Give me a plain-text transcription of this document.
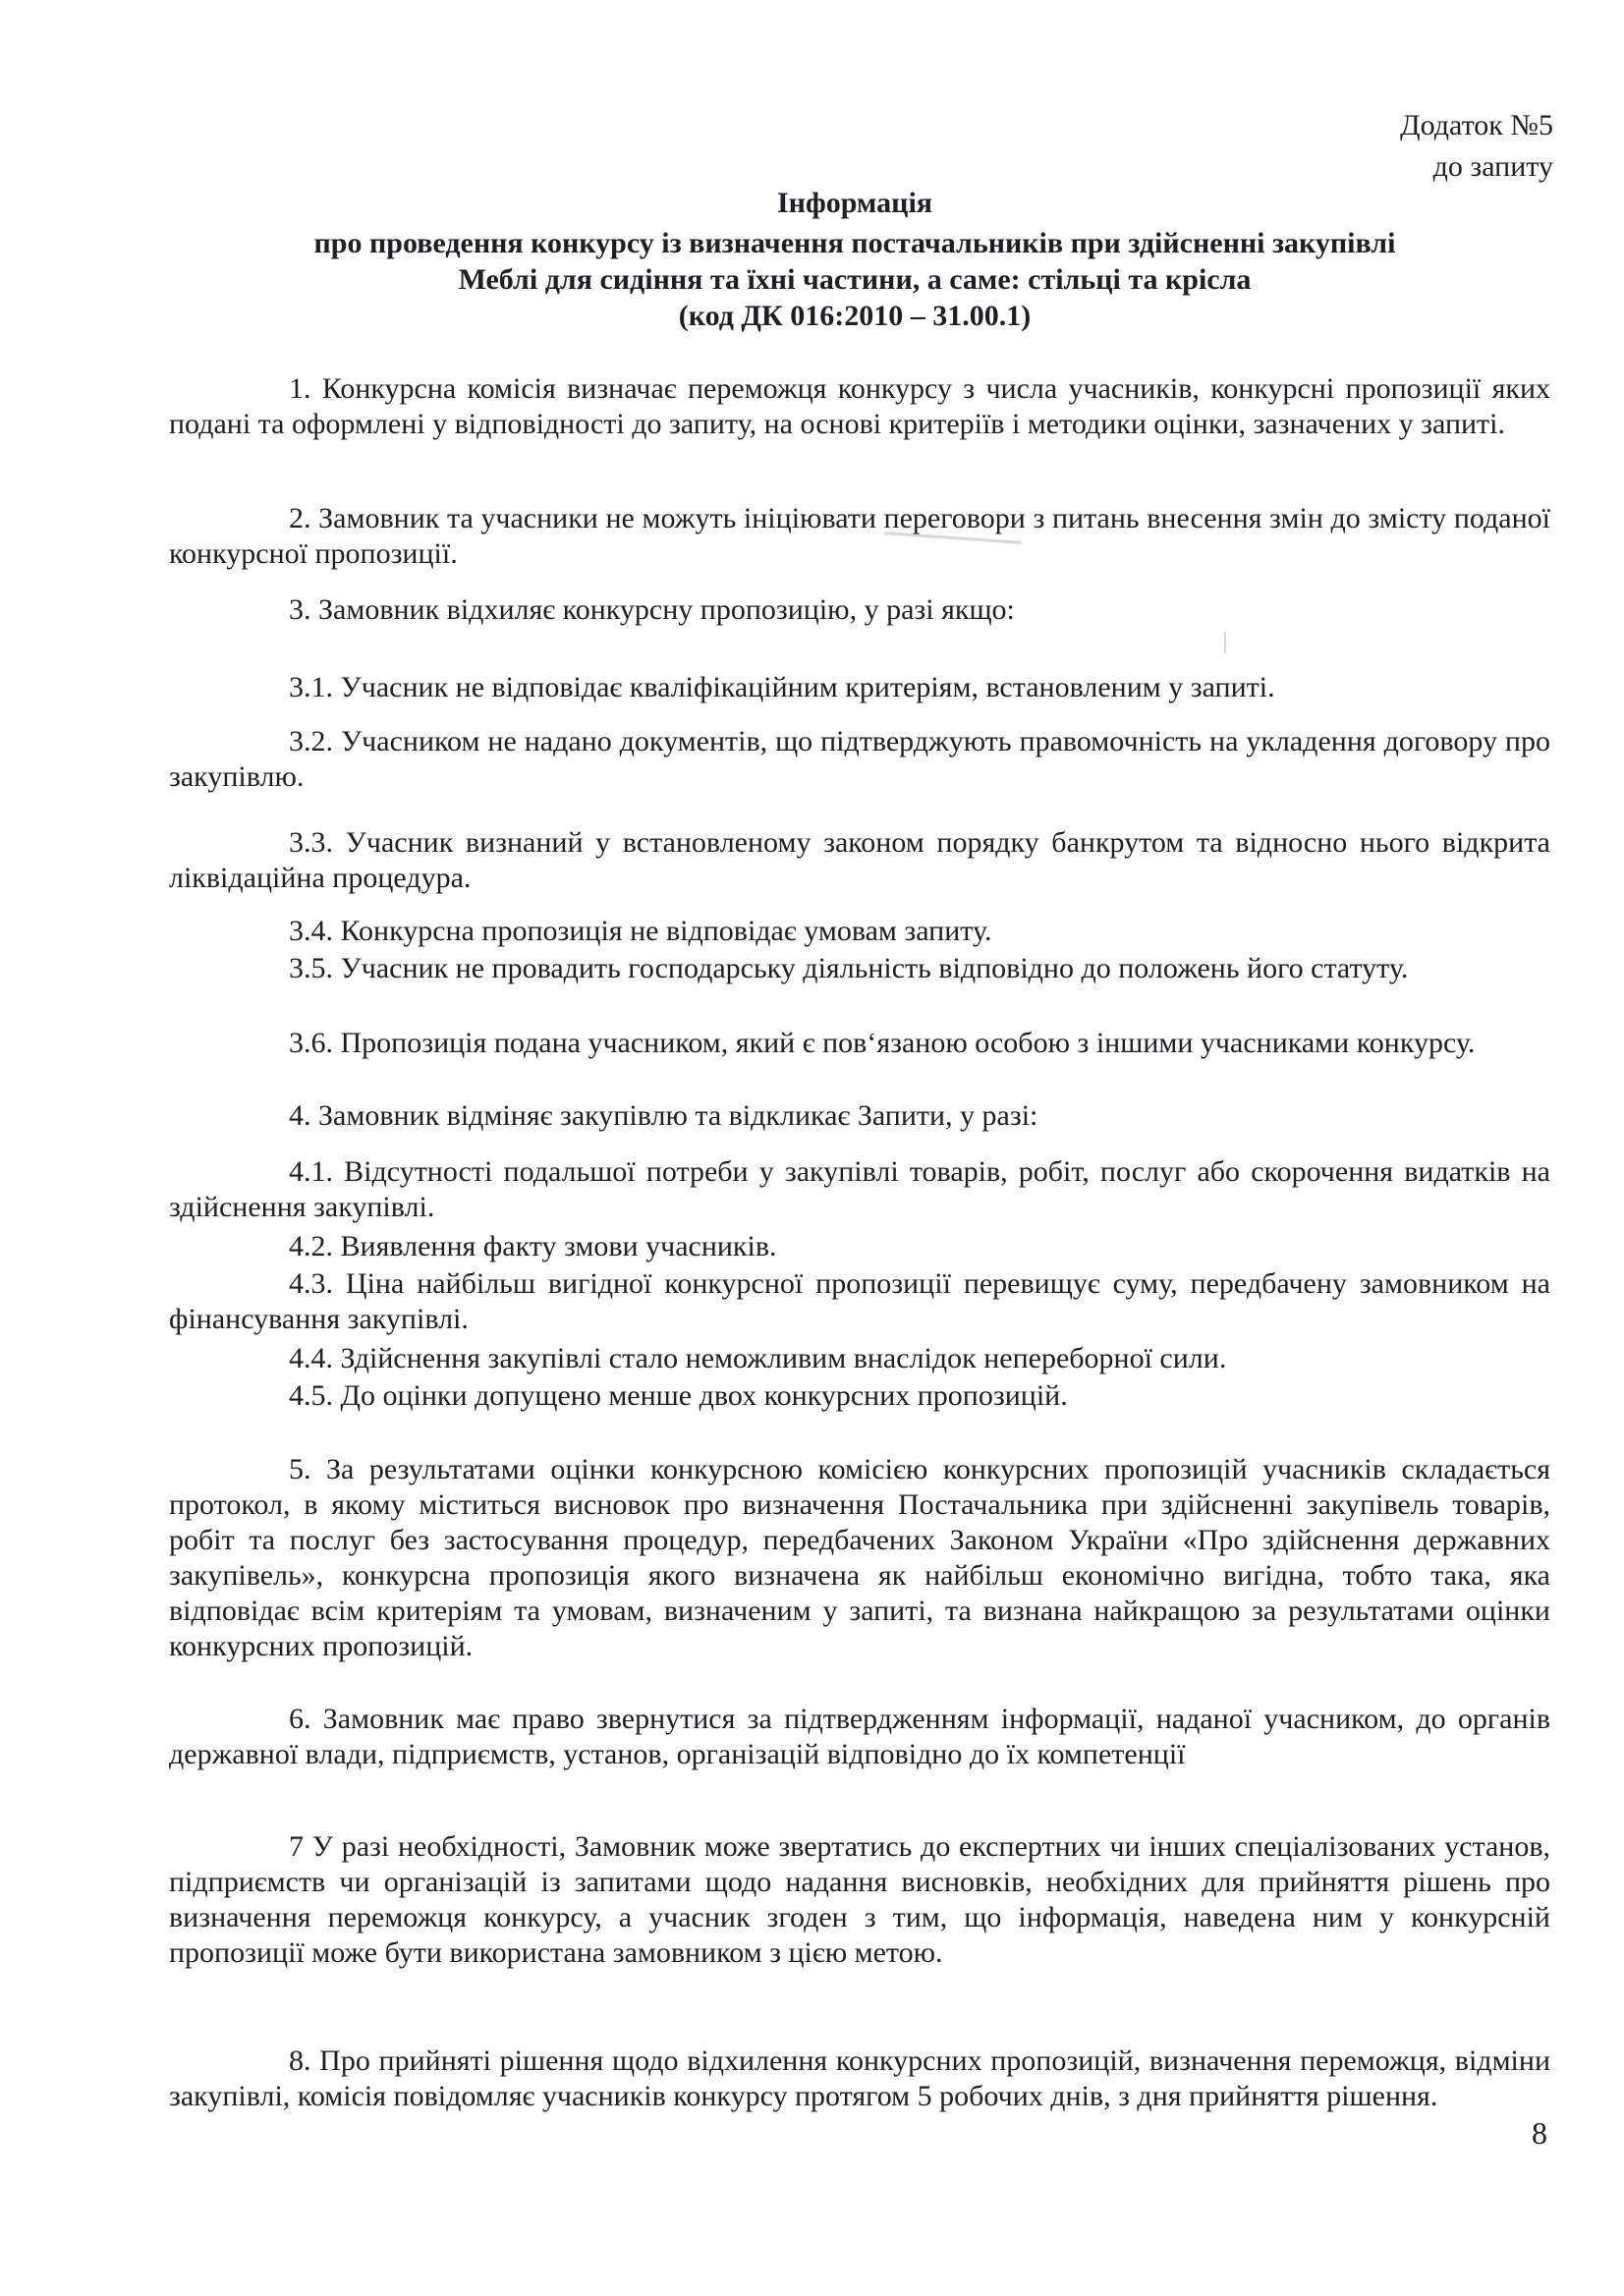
Додаток №5
до запиту
Інформація
про проведення конкурсу із визначення постачальників при здійсненні закупівлі
Меблі для сидіння та їхні частини, а саме: стільці та крісла
(код ДК 016:2010 – 31.00.1)
1. Конкурсна комісія визначає переможця конкурсу з числа учасників, конкурсні пропозиції яких подані та оформлені у відповідності до запиту, на основі критеріїв і методики оцінки, зазначених у запиті.
2. Замовник та учасники не можуть ініціювати переговори з питань внесення змін до змісту поданої конкурсної пропозиції.
3. Замовник відхиляє конкурсну пропозицію, у разі якщо:
3.1. Учасник не відповідає кваліфікаційним критеріям, встановленим у запиті.
3.2. Учасником не надано документів, що підтверджують правомочність на укладення договору про закупівлю.
3.3. Учасник визнаний у встановленому законом порядку банкрутом та відносно нього відкрита ліквідаційна процедура.
3.4. Конкурсна пропозиція не відповідає умовам запиту.
3.5. Учасник не провадить господарську діяльність відповідно до положень його статуту.
3.6. Пропозиція подана учасником, який є пов‘язаною особою з іншими учасниками конкурсу.
4. Замовник відміняє закупівлю та відкликає Запити, у разі:
4.1. Відсутності подальшої потреби у закупівлі товарів, робіт, послуг або скорочення видатків на здійснення закупівлі.
4.2. Виявлення факту змови учасників.
4.3. Ціна найбільш вигідної конкурсної пропозиції перевищує суму, передбачену замовником на фінансування закупівлі.
4.4. Здійснення закупівлі стало неможливим внаслідок непереборної сили.
4.5. До оцінки допущено менше двох конкурсних пропозицій.
5. За результатами оцінки конкурсною комісією конкурсних пропозицій учасників складається протокол, в якому міститься висновок про визначення Постачальника при здійсненні закупівель товарів, робіт та послуг без застосування процедур, передбачених Законом України «Про здійснення державних закупівель», конкурсна пропозиція якого визначена як найбільш економічно вигідна, тобто така, яка відповідає всім критеріям та умовам, визначеним у запиті, та визнана найкращою за результатами оцінки конкурсних пропозицій.
6. Замовник має право звернутися за підтвердженням інформації, наданої учасником, до органів державної влади, підприємств, установ, організацій відповідно до їх компетенції
7 У разі необхідності, Замовник може звертатись до експертних чи інших спеціалізованих установ, підприємств чи організацій із запитами щодо надання висновків, необхідних для прийняття рішень про визначення переможця конкурсу, а учасник згоден з тим, що інформація, наведена ним у конкурсній пропозиції може бути використана замовником з цією метою.
8. Про прийняті рішення щодо відхилення конкурсних пропозицій, визначення переможця, відміни закупівлі, комісія повідомляє учасників конкурсу протягом 5 робочих днів, з дня прийняття рішення.
8
